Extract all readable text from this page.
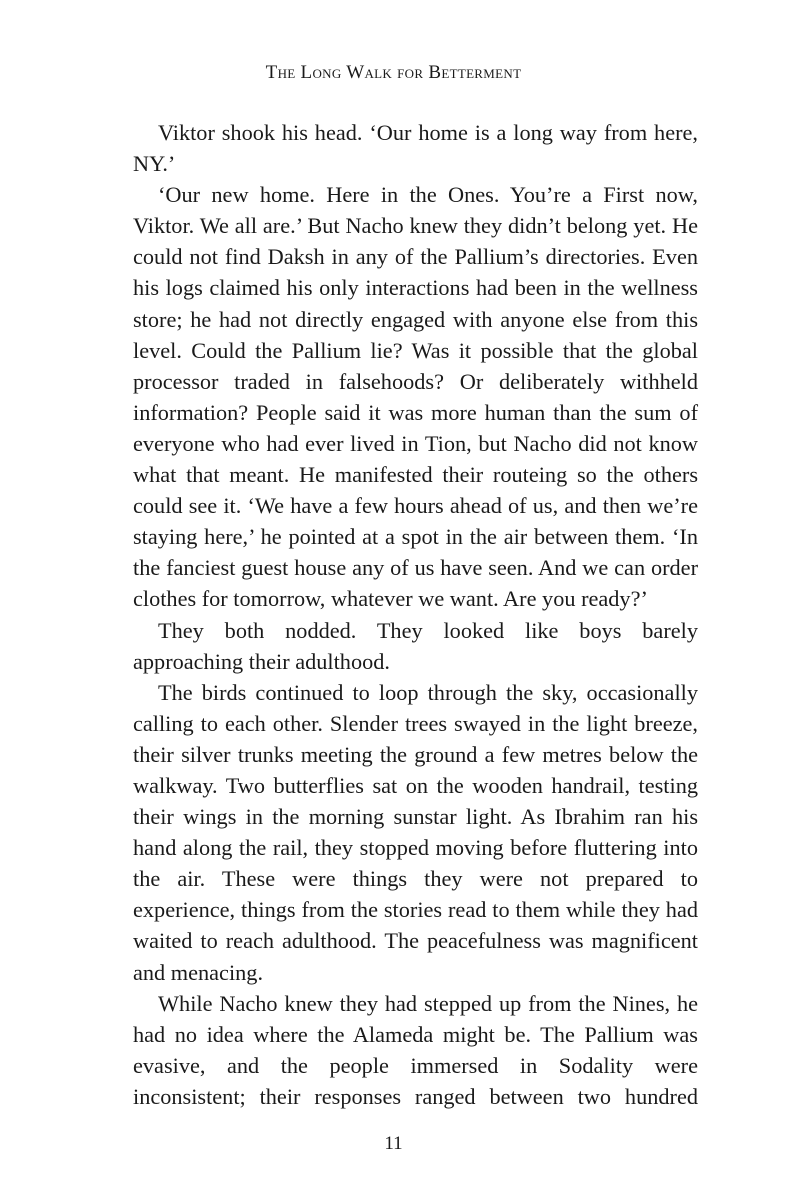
The Long Walk for Betterment

Viktor shook his head. ‘Our home is a long way from here, NY.’

‘Our new home. Here in the Ones. You’re a First now, Viktor. We all are.’ But Nacho knew they didn’t belong yet. He could not find Daksh in any of the Pallium’s directories. Even his logs claimed his only interactions had been in the wellness store; he had not directly engaged with anyone else from this level. Could the Pallium lie? Was it possible that the global processor traded in falsehoods? Or deliberately withheld information? People said it was more human than the sum of everyone who had ever lived in Tion, but Nacho did not know what that meant. He manifested their routeing so the others could see it. ‘We have a few hours ahead of us, and then we’re staying here,’ he pointed at a spot in the air between them. ‘In the fanciest guest house any of us have seen. And we can order clothes for tomorrow, whatever we want. Are you ready?’

They both nodded. They looked like boys barely approaching their adulthood.

The birds continued to loop through the sky, occasionally calling to each other. Slender trees swayed in the light breeze, their silver trunks meeting the ground a few metres below the walkway. Two butterflies sat on the wooden handrail, testing their wings in the morning sunstar light. As Ibrahim ran his hand along the rail, they stopped moving before fluttering into the air. These were things they were not prepared to experience, things from the stories read to them while they had waited to reach adulthood. The peacefulness was magnificent and menacing.

While Nacho knew they had stepped up from the Nines, he had no idea where the Alameda might be. The Pallium was evasive, and the people immersed in Sodality were inconsistent; their responses ranged between two hundred

11
